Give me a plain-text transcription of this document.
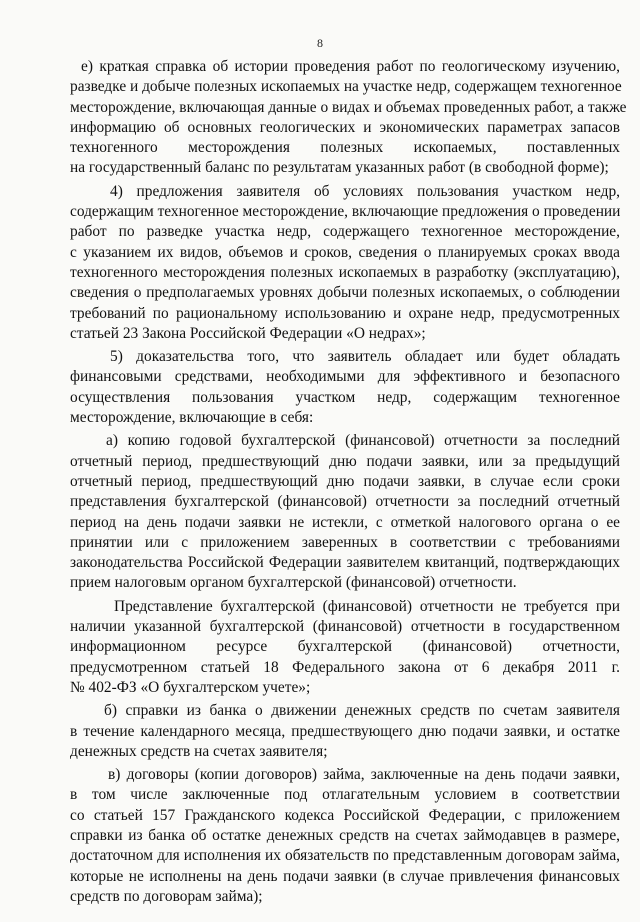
8
е) краткая справка об истории проведения работ по геологическому изучению,
разведке и добыче полезных ископаемых на участке недр, содержащем техногенное
месторождение, включающая данные о видах и объемах проведенных работ, а также
информацию об основных геологических и экономических параметрах запасов
техногенного месторождения полезных ископаемых, поставленных
на государственный баланс по результатам указанных работ (в свободной форме);
4) предложения заявителя об условиях пользования участком недр,
содержащим техногенное месторождение, включающие предложения о проведении
работ по разведке участка недр, содержащего техногенное месторождение,
с указанием их видов, объемов и сроков, сведения о планируемых сроках ввода
техногенного месторождения полезных ископаемых в разработку (эксплуатацию),
сведения о предполагаемых уровнях добычи полезных ископаемых, о соблюдении
требований по рациональному использованию и охране недр, предусмотренных
статьей 23 Закона Российской Федерации «О недрах»;
5) доказательства того, что заявитель обладает или будет обладать
финансовыми средствами, необходимыми для эффективного и безопасного
осуществления пользования участком недр, содержащим техногенное
месторождение, включающие в себя:
а) копию годовой бухгалтерской (финансовой) отчетности за последний
отчетный период, предшествующий дню подачи заявки, или за предыдущий
отчетный период, предшествующий дню подачи заявки, в случае если сроки
представления бухгалтерской (финансовой) отчетности за последний отчетный
период на день подачи заявки не истекли, с отметкой налогового органа о ее
принятии или с приложением заверенных в соответствии с требованиями
законодательства Российской Федерации заявителем квитанций, подтверждающих
прием налоговым органом бухгалтерской (финансовой) отчетности.
Представление бухгалтерской (финансовой) отчетности не требуется при
наличии указанной бухгалтерской (финансовой) отчетности в государственном
информационном ресурсе бухгалтерской (финансовой) отчетности,
предусмотренном статьей 18 Федерального закона от 6 декабря 2011 г.
№ 402-ФЗ «О бухгалтерском учете»;
б) справки из банка о движении денежных средств по счетам заявителя
в течение календарного месяца, предшествующего дню подачи заявки, и остатке
денежных средств на счетах заявителя;
в) договоры (копии договоров) займа, заключенные на день подачи заявки,
в том числе заключенные под отлагательным условием в соответствии
со статьей 157 Гражданского кодекса Российской Федерации, с приложением
справки из банка об остатке денежных средств на счетах займодавцев в размере,
достаточном для исполнения их обязательств по представленным договорам займа,
которые не исполнены на день подачи заявки (в случае привлечения финансовых
средств по договорам займа);
